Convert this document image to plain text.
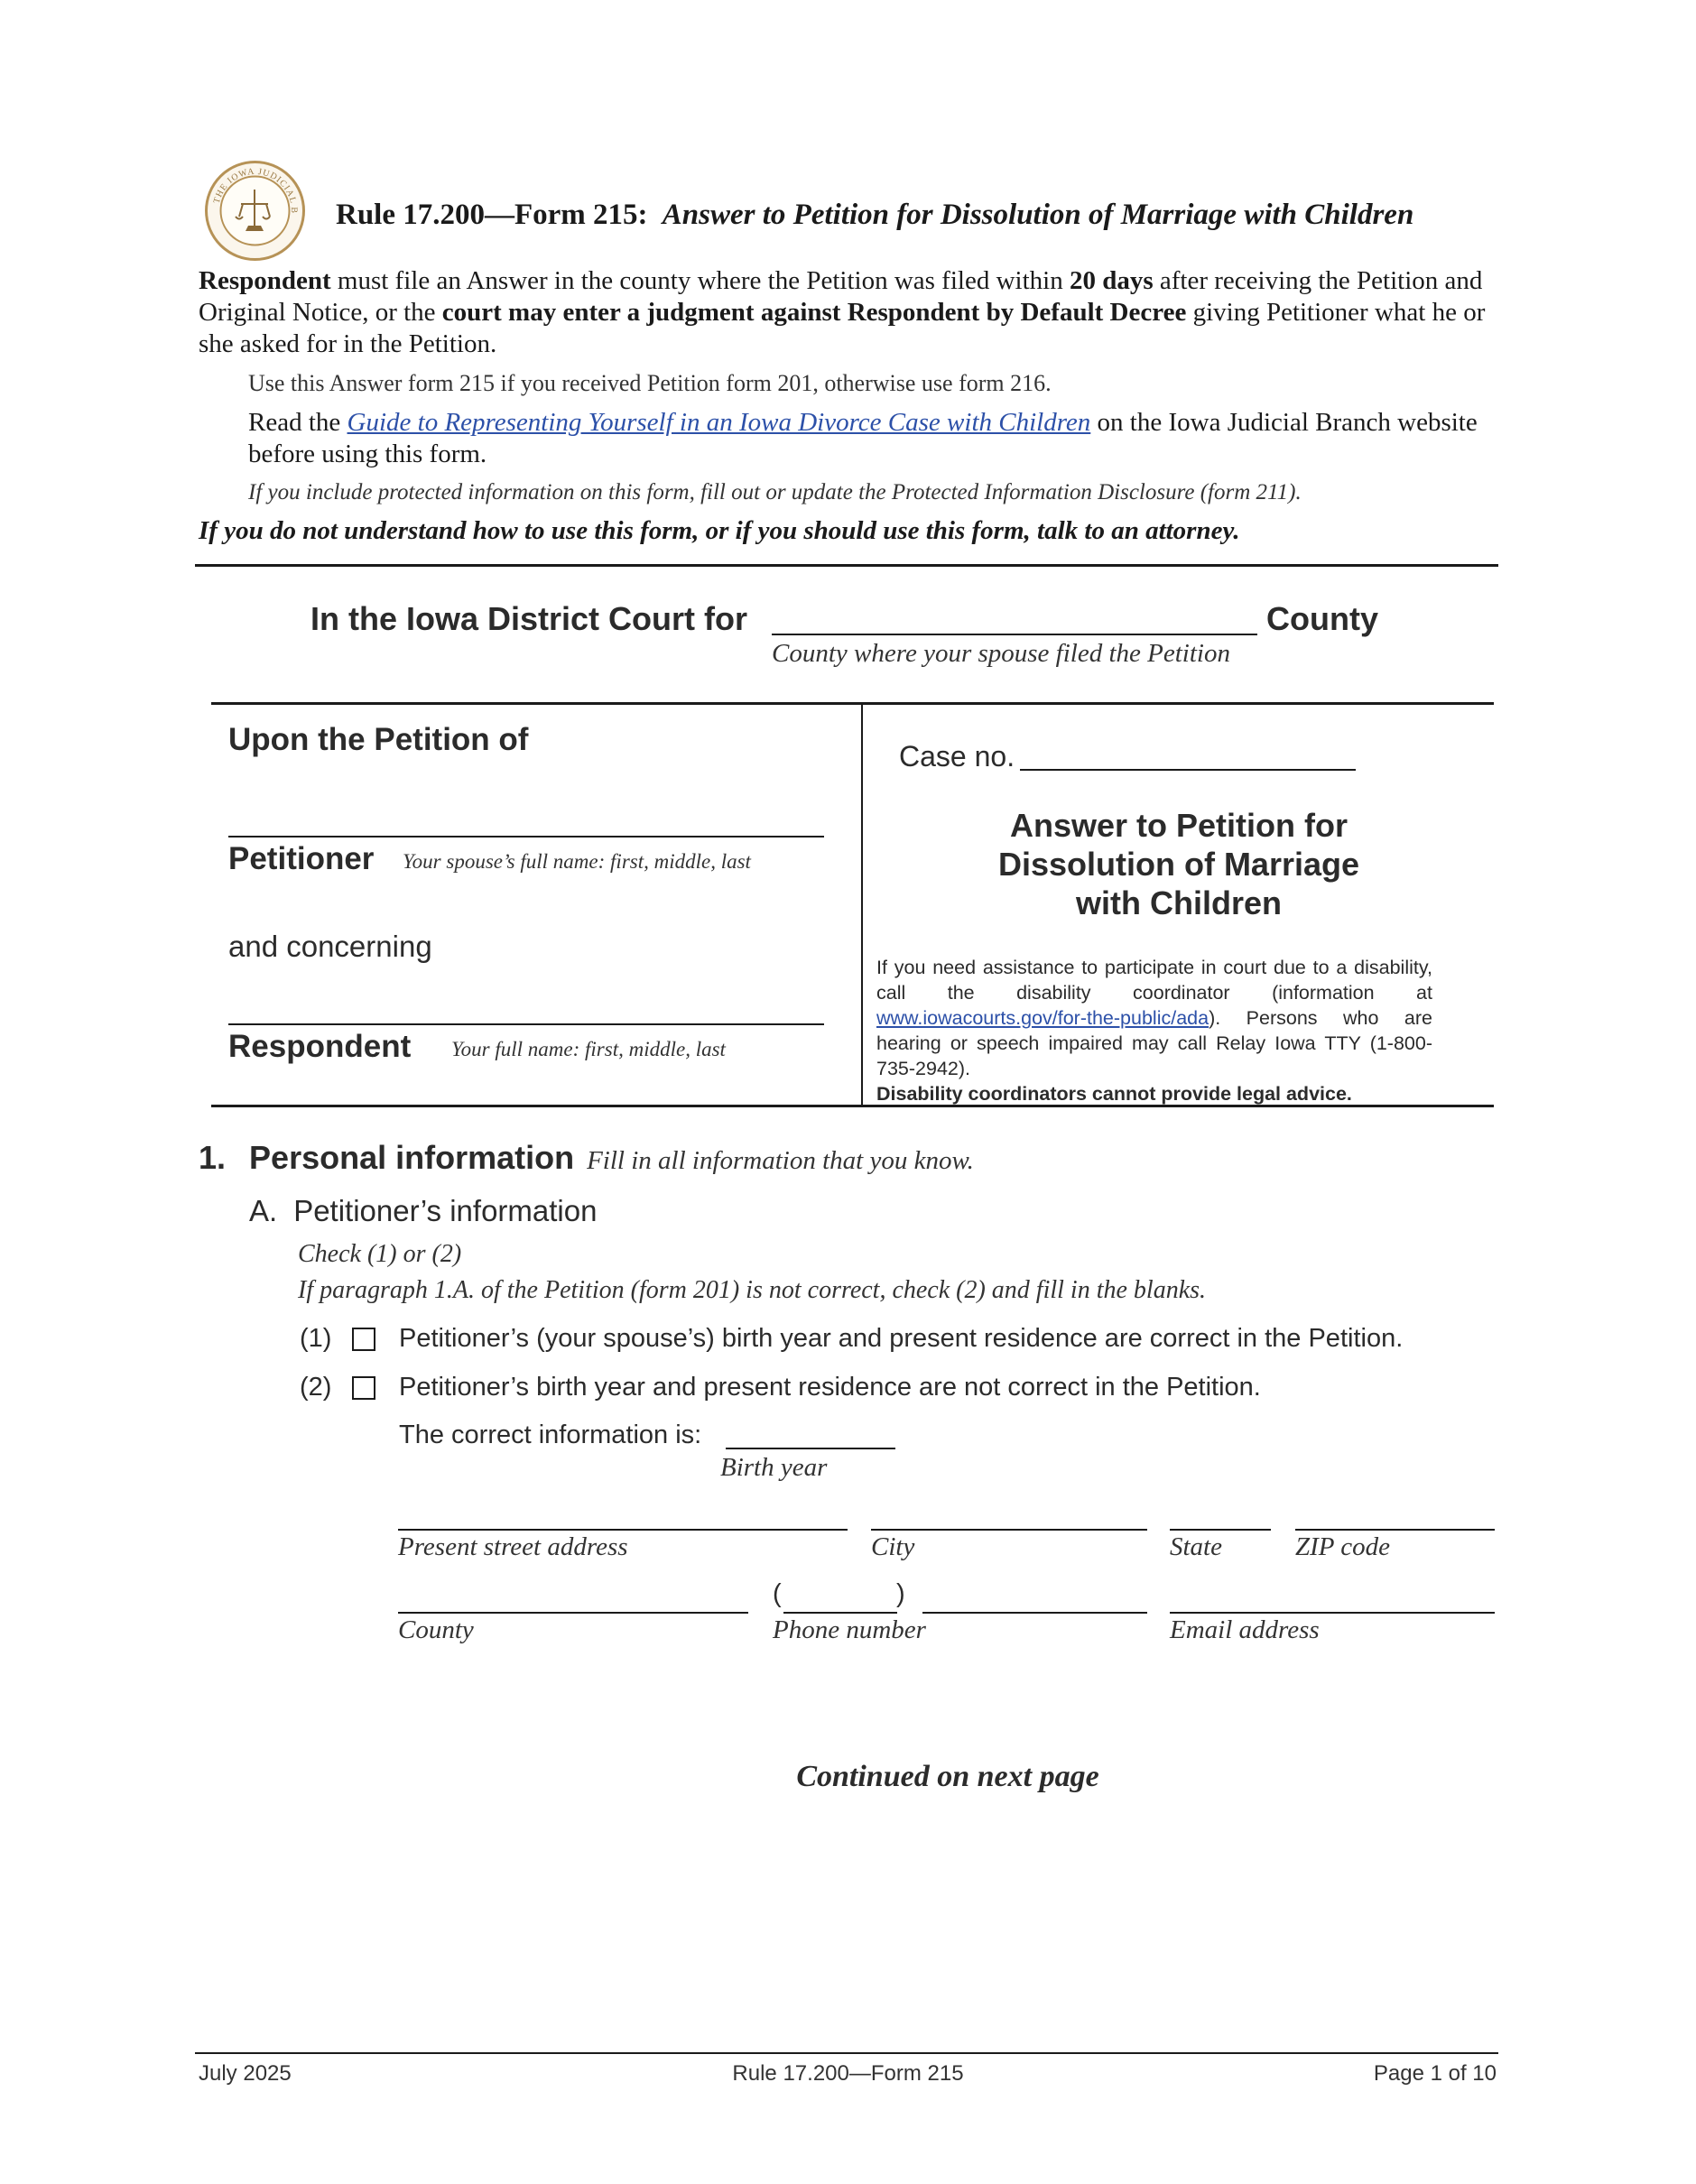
THE IOWA JUDICIAL B Rule 17.200—Form 215: Answer to Petition for Dissolution of Marriage with Children
Respondent must file an Answer in the county where the Petition was filed within 20 days after receiving the Petition and Original Notice, or the court may enter a judgment against Respondent by Default Decree giving Petitioner what he or she asked for in the Petition.
Use this Answer form 215 if you received Petition form 201, otherwise use form 216.
Read the Guide to Representing Yourself in an Iowa Divorce Case with Children on the Iowa Judicial Branch website before using this form.
If you include protected information on this form, fill out or update the Protected Information Disclosure (form 211).
If you do not understand how to use this form, or if you should use this form, talk to an attorney.
In the Iowa District Court for	County
County where your spouse filed the Petition
Upon the Petition of
Petitioner Your spouse’s full name: first, middle, last
and concerning
Respondent Your full name: first, middle, last
Case no.
Answer to Petition for
Dissolution of Marriage
with Children
If you need assistance to participate in court due to a disability, call the disability coordinator (information at www.iowacourts.gov/for-the-public/ada). Persons who are hearing or speech impaired may call Relay Iowa TTY (1-800-735-2942).
Disability coordinators cannot provide legal advice.
1. Personal information Fill in all information that you know.
A. Petitioner’s information
Check (1) or (2)
If paragraph 1.A. of the Petition (form 201) is not correct, check (2) and fill in the blanks.
(1)	Petitioner’s (your spouse’s) birth year and present residence are correct in the Petition.
(2)	Petitioner’s birth year and present residence are not correct in the Petition.
The correct information is:
Birth year
Present street address	City	State	ZIP code
(	)
County	Phone number	Email address
Continued on next page
July 2025	Rule 17.200—Form 215	Page 1 of 10
